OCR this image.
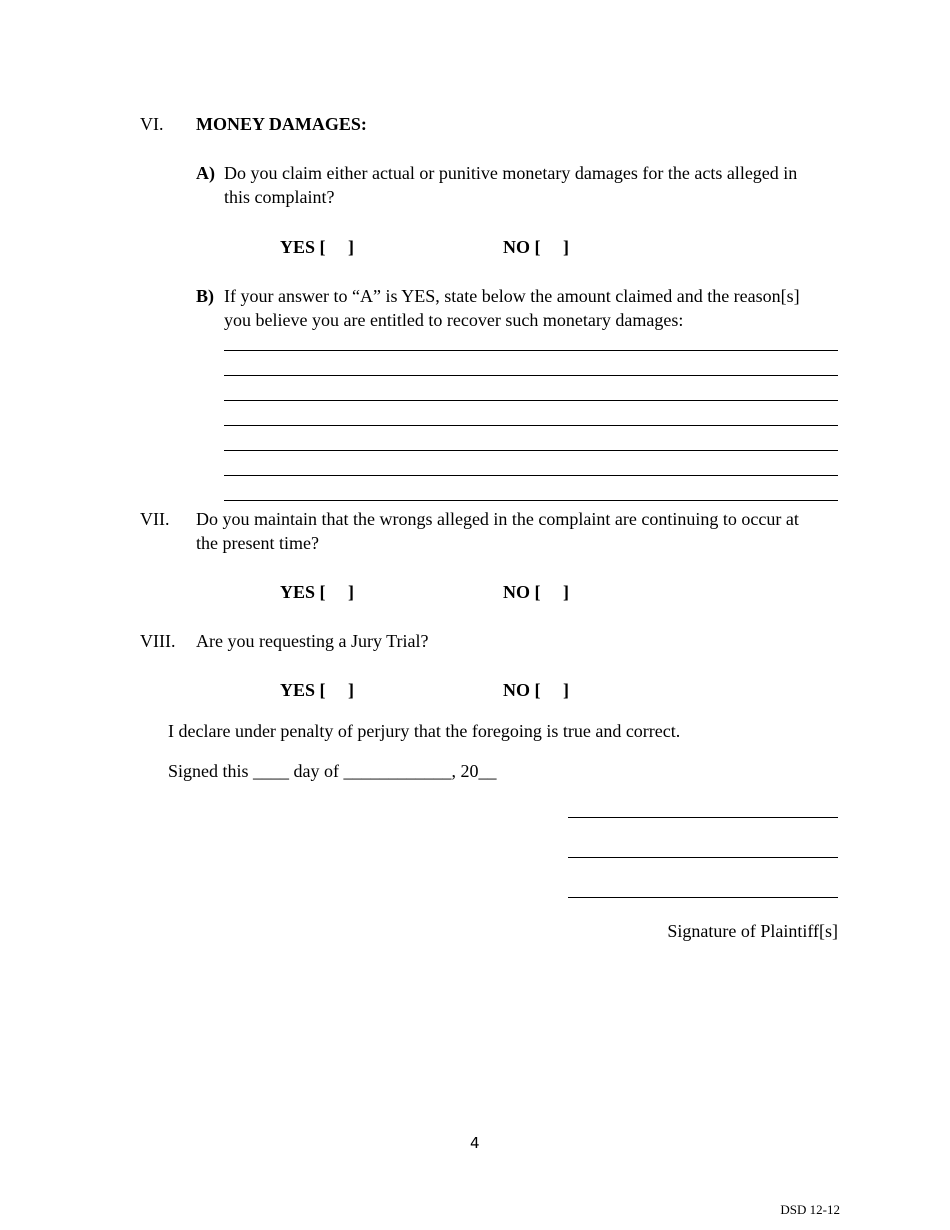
VI. MONEY DAMAGES:
A) Do you claim either actual or punitive monetary damages for the acts alleged in
this complaint?
YES [     ]	NO [     ]
B) If your answer to “A” is YES, state below the amount claimed and the reason[s]
you believe you are entitled to recover such monetary damages:
VII. Do you maintain that the wrongs alleged in the complaint are continuing to occur at
the present time?
YES [     ]	NO [     ]
VIII. Are you requesting a Jury Trial?
YES [     ]	NO [     ]
I declare under penalty of perjury that the foregoing is true and correct.
Signed this ____ day of ____________, 20__
Signature of Plaintiff[s]
4
DSD 12-12
